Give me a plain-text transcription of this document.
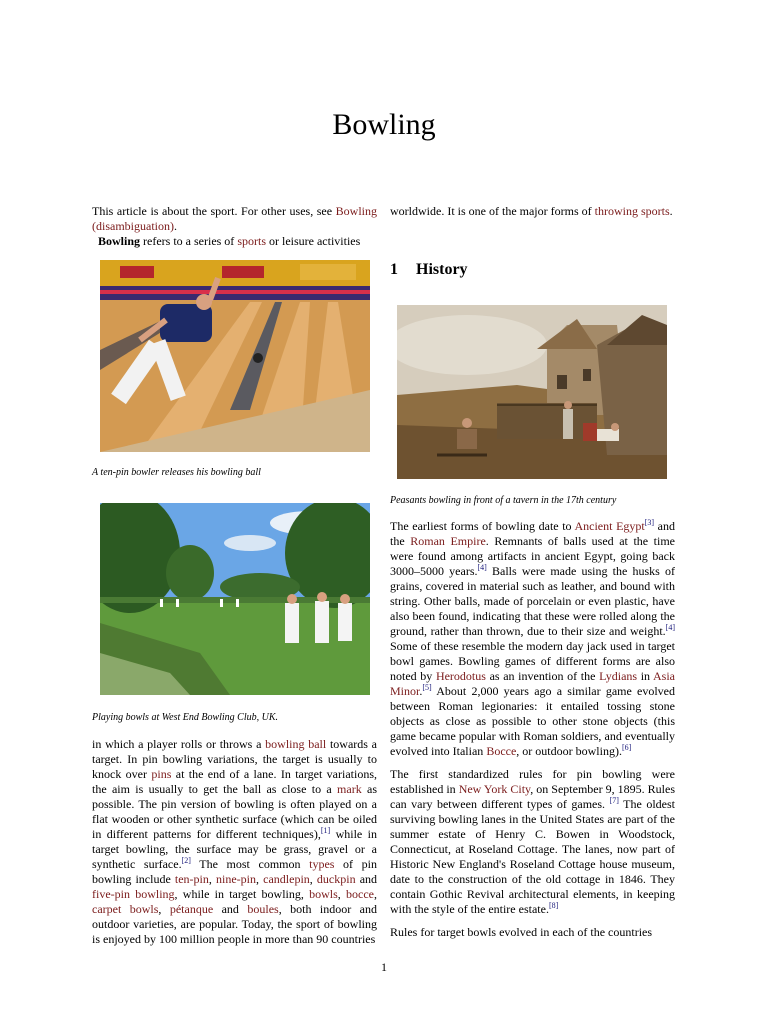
Bowling

This article is about the sport. For other uses, see Bowling (disambiguation).

Bowling refers to a series of sports or leisure activities

A ten-pin bowler releases his bowling ball
Playing bowls at West End Bowling Club, UK.

in which a player rolls or throws a bowling ball towards a target. In pin bowling variations, the target is usually to knock over pins at the end of a lane. In target variations, the aim is usually to get the ball as close to a mark as possible. The pin version of bowling is often played on a flat wooden or other synthetic surface (which can be oiled in different patterns for different techniques),[1] while in target bowling, the surface may be grass, gravel or a synthetic surface.[2] The most common types of pin bowling include ten-pin, nine-pin, candlepin, duckpin and five-pin bowling, while in target bowling, bowls, bocce, carpet bowls, pétanque and boules, both indoor and outdoor varieties, are popular. Today, the sport of bowling is enjoyed by 100 million people in more than 90 countries

worldwide. It is one of the major forms of throwing sports.

1 History
Peasants bowling in front of a tavern in the 17th century

The earliest forms of bowling date to Ancient Egypt[3] and the Roman Empire. Remnants of balls used at the time were found among artifacts in ancient Egypt, going back 3000–5000 years.[4] Balls were made using the husks of grains, covered in material such as leather, and bound with string. Other balls, made of porcelain or even plastic, have also been found, indicating that these were rolled along the ground, rather than thrown, due to their size and weight.[4] Some of these resemble the modern day jack used in target bowl games. Bowling games of different forms are also noted by Herodotus as an invention of the Lydians in Asia Minor.[5] About 2,000 years ago a similar game evolved between Roman legionaries: it entailed tossing stone objects as close as possible to other stone objects (this game became popular with Roman soldiers, and eventually evolved into Italian Bocce, or outdoor bowling).[6]

The first standardized rules for pin bowling were established in New York City, on September 9, 1895. Rules can vary between different types of games. [7] The oldest surviving bowling lanes in the United States are part of the summer estate of Henry C. Bowen in Woodstock, Connecticut, at Roseland Cottage. The lanes, now part of Historic New England's Roseland Cottage house museum, date to the construction of the old cottage in 1846. They contain Gothic Revival architectural elements, in keeping with the style of the entire estate.[8]

Rules for target bowls evolved in each of the countries

1
